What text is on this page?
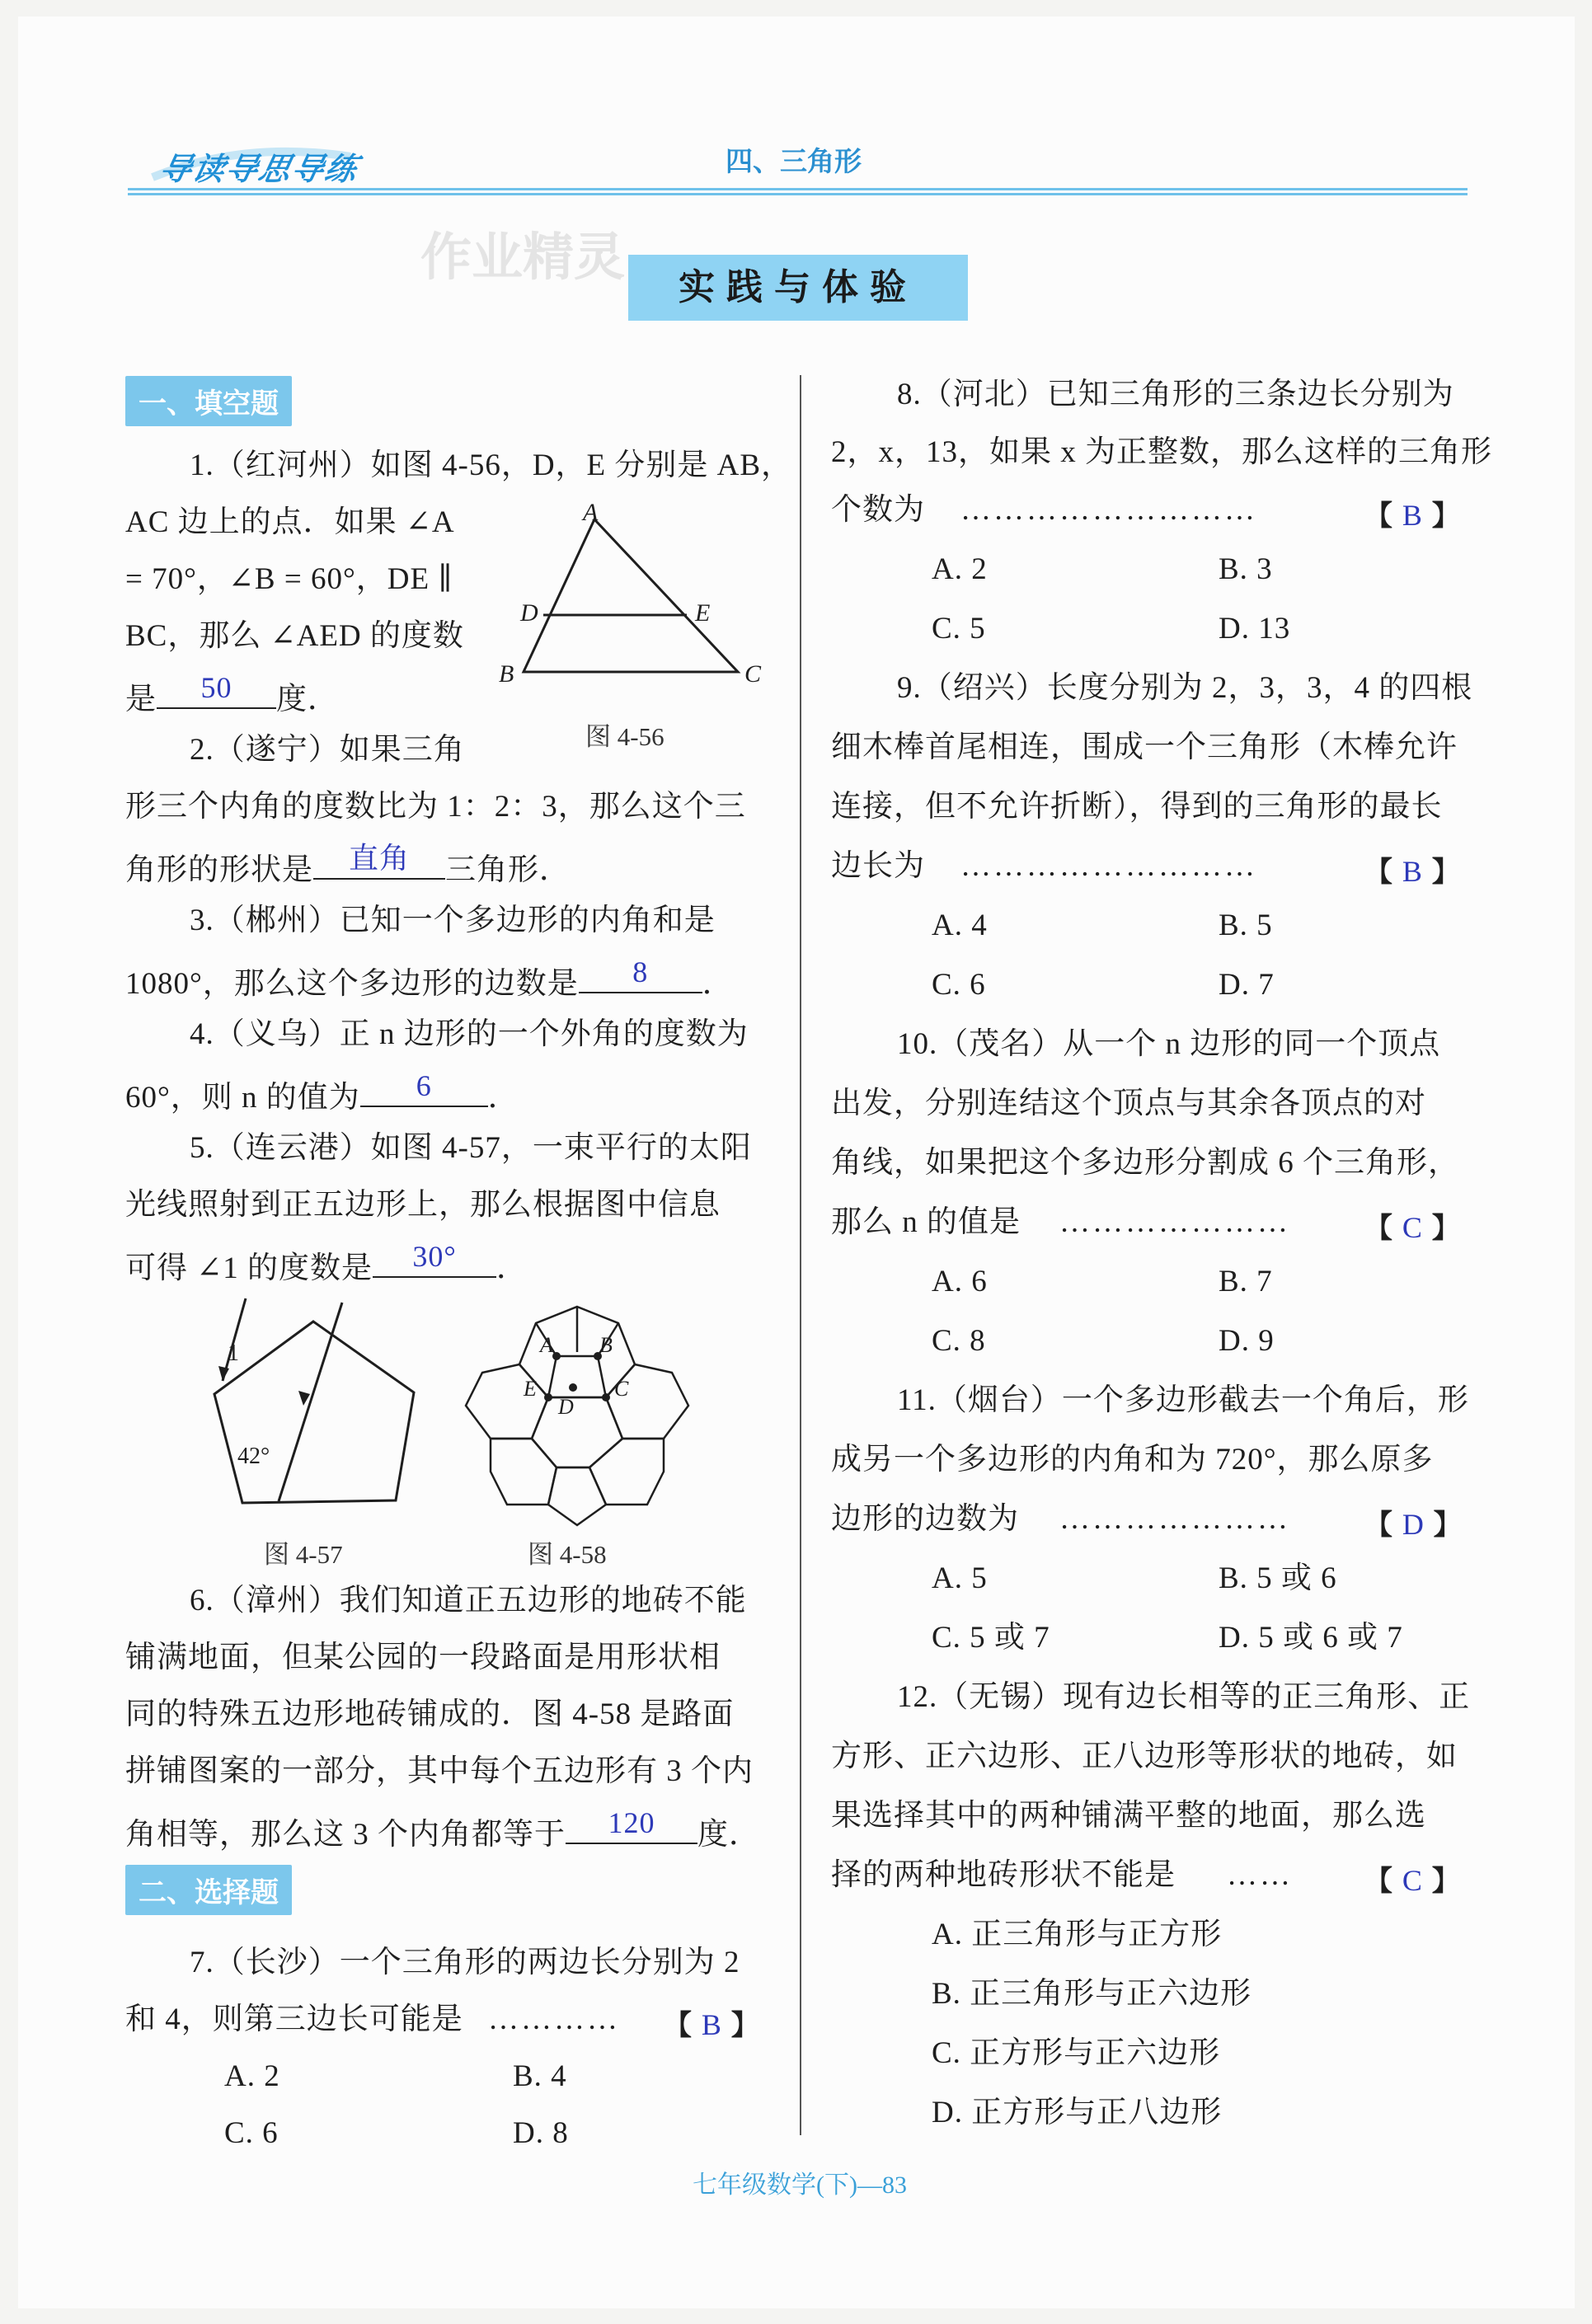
导读导思导练	四、三角形
作业精灵
实践与体验
一、填空题
1.（红河州）如图 4-56，D，E 分别是 AB，
AC 边上的点．如果 ∠A
= 70°，∠B = 60°，DE ∥
BC，那么 ∠AED 的度数
是	50	度．
A
D	E
B	C
图 4-56
2.（遂宁）如果三角
形三个内角的度数比为 1：2：3，那么这个三
角形的形状是	直角	三角形．
3.（郴州）已知一个多边形的内角和是
1080°，那么这个多边形的边数是	8	．
4.（义乌）正 n 边形的一个外角的度数为
60°，则 n 的值为	6	．
5.（连云港）如图 4-57，一束平行的太阳
光线照射到正五边形上，那么根据图中信息
可得 ∠1 的度数是	30°	．
1
42°
图 4-57
A B
E	C
D
图 4-58
6.（漳州）我们知道正五边形的地砖不能
铺满地面，但某公园的一段路面是用形状相
同的特殊五边形地砖铺成的．图 4-58 是路面
拼铺图案的一部分，其中每个五边形有 3 个内
角相等，那么这 3 个内角都等于	120	度．
二、选择题
7.（长沙）一个三角形的两边长分别为 2
和 4，则第三边长可能是 ………… 【 B 】
A. 2	B. 4
C. 6	D. 8
8.（河北）已知三角形的三条边长分别为
2，x，13，如果 x 为正整数，那么这样的三角形
个数为 ………………………	【 B 】
A. 2	B. 3
C. 5	D. 13
9.（绍兴）长度分别为 2，3，3，4 的四根
细木棒首尾相连，围成一个三角形（木棒允许
连接，但不允许折断），得到的三角形的最长
边长为 ………………………	【 B 】
A. 4	B. 5
C. 6	D. 7
10.（茂名）从一个 n 边形的同一个顶点
出发，分别连结这个顶点与其余各顶点的对
角线，如果把这个多边形分割成 6 个三角形，
那么 n 的值是 …………………	【 C 】
A. 6	B. 7
C. 8	D. 9
11.（烟台）一个多边形截去一个角后，形
成另一个多边形的内角和为 720°，那么原多
边形的边数为 …………………	【 D 】
A. 5	B. 5 或 6
C. 5 或 7	D. 5 或 6 或 7
12.（无锡）现有边长相等的正三角形、正
方形、正六边形、正八边形等形状的地砖，如
果选择其中的两种铺满平整的地面，那么选
择的两种地砖形状不能是 ……	【 C 】
A. 正三角形与正方形
B. 正三角形与正六边形
C. 正方形与正六边形
D. 正方形与正八边形
七年级数学(下)—83
